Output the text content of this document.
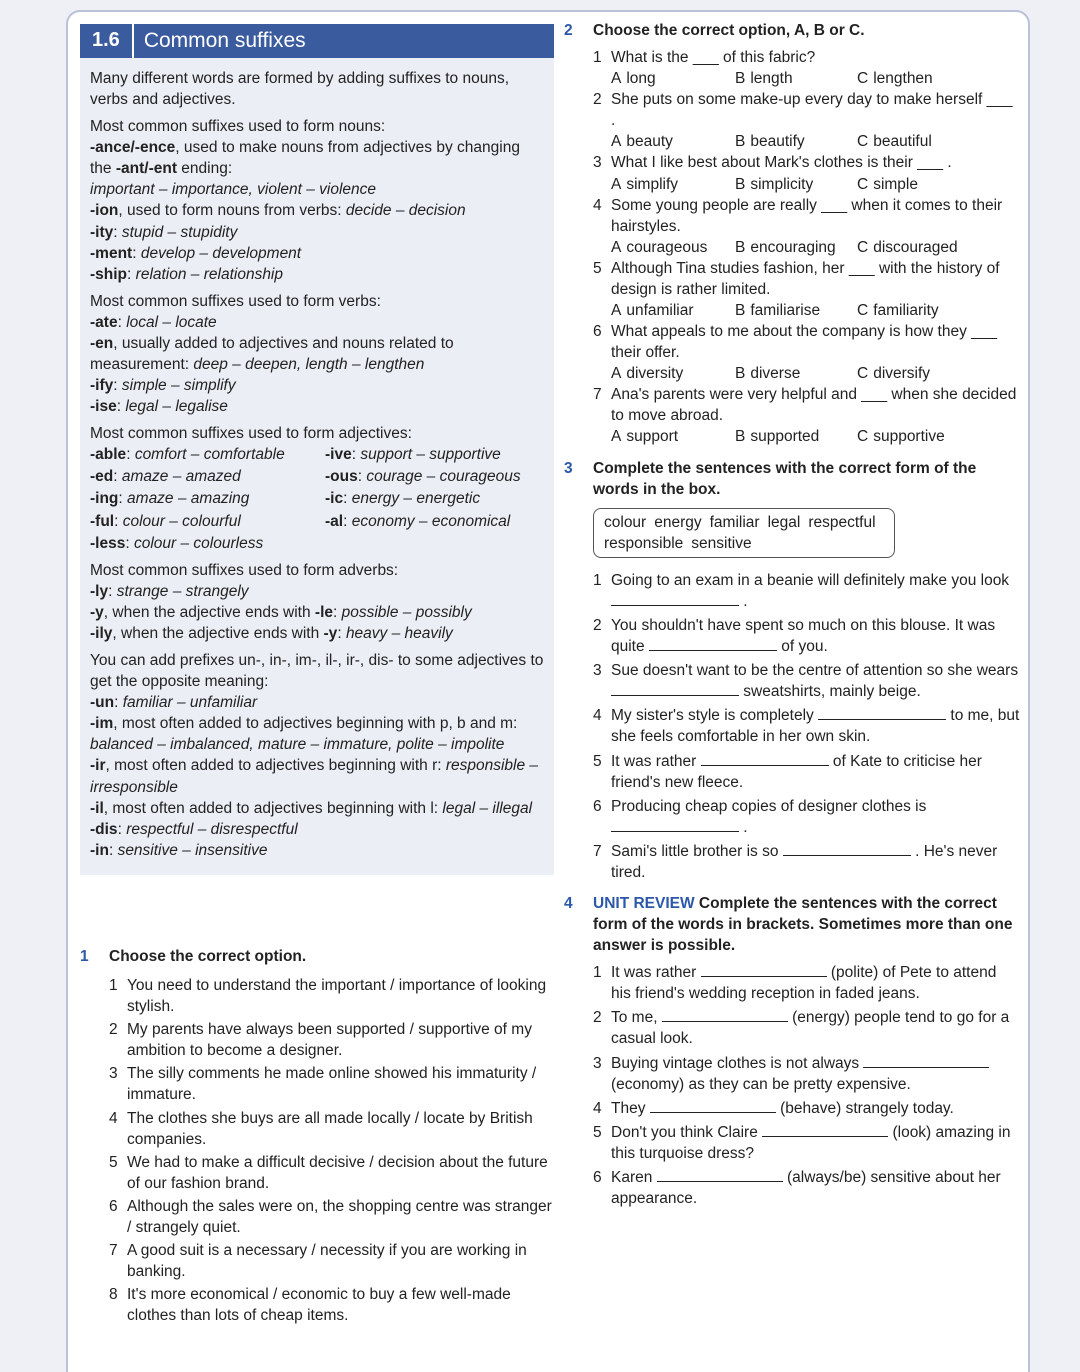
1.6	Common suffixes
Many different words are formed by adding suffixes to nouns, verbs and adjectives.
Most common suffixes used to form nouns:
-ance/-ence, used to make nouns from adjectives by changing the -ant/-ent ending:
important – importance, violent – violence
-ion, used to form nouns from verbs: decide – decision
-ity: stupid – stupidity
-ment: develop – development
-ship: relation – relationship
Most common suffixes used to form verbs:
-ate: local – locate
-en, usually added to adjectives and nouns related to measurement: deep – deepen, length – lengthen
-ify: simple – simplify
-ise: legal – legalise
Most common suffixes used to form adjectives:
-able: comfort – comfortable	-ive: support – supportive
-ed: amaze – amazed	-ous: courage – courageous
-ing: amaze – amazing	-ic: energy – energetic
-ful: colour – colourful	-al: economy – economical
-less: colour – colourless
Most common suffixes used to form adverbs:
-ly: strange – strangely
-y, when the adjective ends with -le: possible – possibly
-ily, when the adjective ends with -y: heavy – heavily
You can add prefixes un-, in-, im-, il-, ir-, dis- to some adjectives to get the opposite meaning:
-un: familiar – unfamiliar
-im, most often added to adjectives beginning with p, b and m: balanced – imbalanced, mature – immature, polite – impolite
-ir, most often added to adjectives beginning with r: responsible – irresponsible
-il, most often added to adjectives beginning with l: legal – illegal
-dis: respectful – disrespectful
-in: sensitive – insensitive
1	Choose the correct option.
1 You need to understand the important / importance of looking stylish.
2 My parents have always been supported / supportive of my ambition to become a designer.
3 The silly comments he made online showed his immaturity / immature.
4 The clothes she buys are all made locally / locate by British companies.
5 We had to make a difficult decisive / decision about the future of our fashion brand.
6 Although the sales were on, the shopping centre was stranger / strangely quiet.
7 A good suit is a necessary / necessity if you are working in banking.
8 It's more economical / economic to buy a few well-made clothes than lots of cheap items.
2	Choose the correct option, A, B or C.
1 What is the ___ of this fabric?
A long	B length	C lengthen
2 She puts on some make-up every day to make herself ___ .
A beauty	B beautify	C beautiful
3 What I like best about Mark's clothes is their ___ .
A simplify	B simplicity	C simple
4 Some young people are really ___ when it comes to their hairstyles.
A courageous	B encouraging	C discouraged
5 Although Tina studies fashion, her ___ with the history of design is rather limited.
A unfamiliar	B familiarise	C familiarity
6 What appeals to me about the company is how they ___ their offer.
A diversity	B diverse	C diversify
7 Ana's parents were very helpful and ___ when she decided to move abroad.
A support	B supported	C supportive
3	Complete the sentences with the correct form of the words in the box.
colour energy familiar legal respectful
responsible sensitive
1 Going to an exam in a beanie will definitely make you look  .
2 You shouldn't have spent so much on this blouse. It was quite	of you.
3 Sue doesn't want to be the centre of attention so she wears  sweatshirts, mainly beige.
4 My sister's style is completely	to me, but she feels comfortable in her own skin.
5 It was rather	of Kate to criticise her friend's new fleece.
6 Producing cheap copies of designer clothes is  .
7 Sami's little brother is so	. He's never tired.
4	UNIT REVIEW Complete the sentences with the correct form of the words in brackets. Sometimes more than one answer is possible.
1 It was rather	(polite) of Pete to attend his friend's wedding reception in faded jeans.
2 To me,	(energy) people tend to go for a casual look.
3 Buying vintage clothes is not always  (economy) as they can be pretty expensive.
4 They	(behave) strangely today.
5 Don't you think Claire	(look) amazing in this turquoise dress?
6 Karen	(always/be) sensitive about her appearance.
